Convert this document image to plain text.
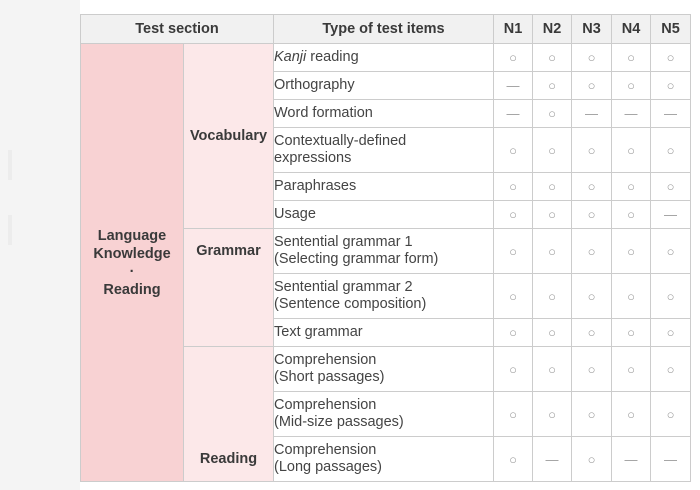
Test section		Type of test items	N1	N2	N3	N4	N5

Language
Knowledge
·
Reading	Vocabulary	Kanji reading	○	○	○	○	○
		Orthography	—	○	○	○	○
		Word formation	—	○	—	—	—

		Contextually-defined
expressions	○	○	○	○	○
		Paraphrases	○	○	○	○	○
		Usage	○	○	○	○	—
	Grammar	Sentential grammar 1
(Selecting grammar form)	○	○	○	○	○

		Sentential grammar 2
(Sentence composition)	○	○	○	○	○
		Text grammar	○	○	○	○	○
	Reading	Comprehension
(Short passages)	○	○	○	○	○

		Comprehension
(Mid-size passages)	○	○	○	○	○

		Comprehension
(Long passages)	○	—	○	—	—
